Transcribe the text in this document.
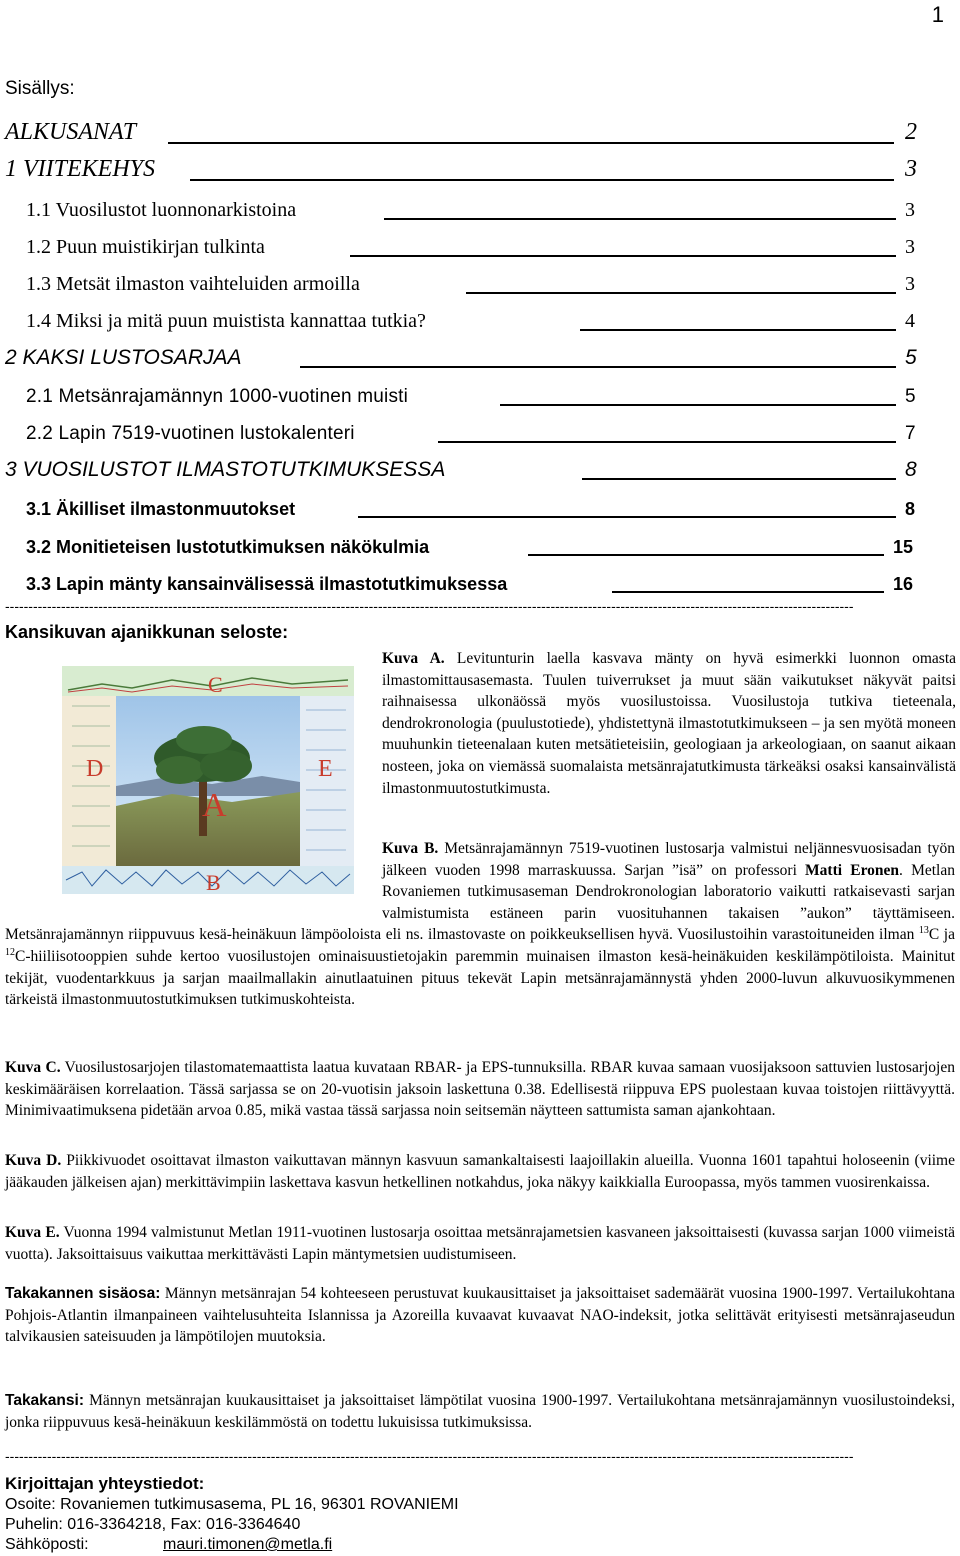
1
Sisällys:
ALKUSANAT	2
1 VIITEKEHYS	3
1.1 Vuosilustot luonnonarkistoina	3
1.2 Puun muistikirjan tulkinta	3
1.3 Metsät ilmaston vaihteluiden armoilla	3
1.4 Miksi ja mitä puun muistista kannattaa tutkia?	4
2 KAKSI LUSTOSARJAA	5
2.1 Metsänrajamännyn 1000-vuotinen muisti	5
2.2 Lapin 7519-vuotinen lustokalenteri	7
3 VUOSILUSTOT ILMASTOTUTKIMUKSESSA	8
3.1 Äkilliset ilmastonmuutokset	8
3.2 Monitieteisen lustotutkimuksen näkökulmia	15
3.3 Lapin mänty kansainvälisessä ilmastotutkimuksessa	16
--------------------------------------------------------------------------------------------------------------------------------------------------------------------------------------
Kansikuvan ajanikkunan seloste:
C
A
D	E
B
Kuva A. Levitunturin laella kasvava mänty on hyvä esimerkki luonnon omasta ilmastomittausasemasta. Tuulen tuiverrukset ja muut sään vaikutukset näkyvät paitsi raihnaisessa ulkonäössä myös vuosilustoissa. Vuosilustoja tutkiva tieteenala, dendrokronologia (puulustotiede), yhdistettynä ilmastotutkimukseen – ja sen myötä moneen muuhunkin tieteenalaan kuten metsätieteisiin, geologiaan ja arkeologiaan, on saanut aikaan nosteen, joka on viemässä suomalaista metsänrajatutkimusta tärkeäksi osaksi kansainvälistä ilmastonmuutostutkimusta.
Kuva B. Metsänrajamännyn 7519-vuotinen lustosarja valmistui neljännesvuosisadan työn jälkeen vuoden 1998 marraskuussa. Sarjan ”isä” on professori Matti Eronen. Metlan Rovaniemen tutkimusaseman Dendrokronologian laboratorio vaikutti ratkaisevasti sarjan valmistumista estäneen parin vuosituhannen takaisen ”aukon” täyttämiseen. Metsänrajamännyn riippuvuus kesä-heinäkuun lämpöoloista eli ns. ilmastovaste on poikkeuksellisen hyvä. Vuosilustoihin varastoituneiden ilman $^{13}$C ja $^{12}$C-hiiliisotooppien suhde kertoo vuosilustojen ominaisuustietojakin paremmin muinaisen ilmaston kesä-heinäkuiden keskilämpötiloista. Mainitut tekijät, vuodentarkkuus ja sarjan maailmallakin ainutlaatuinen pituus tekevät Lapin metsänrajamännystä yhden 2000-luvun alkuvuosikymmenen tärkeistä ilmastonmuutostutkimuksen tutkimuskohteista.
Kuva C. Vuosilustosarjojen tilastomatemaattista laatua kuvataan RBAR- ja EPS-tunnuksilla. RBAR kuvaa samaan vuosijaksoon sattuvien lustosarjojen keskimääräisen korrelaation. Tässä sarjassa se on 20-vuotisin jaksoin laskettuna 0.38. Edellisestä riippuva EPS puolestaan kuvaa toistojen riittävyyttä. Minimivaatimuksena pidetään arvoa 0.85, mikä vastaa tässä sarjassa noin seitsemän näytteen sattumista saman ajankohtaan.
Kuva D. Piikkivuodet osoittavat ilmaston vaikuttavan männyn kasvuun samankaltaisesti laajoillakin alueilla. Vuonna 1601 tapahtui holoseenin (viime jääkauden jälkeisen ajan) merkittävimpiin laskettava kasvun hetkellinen notkahdus, joka näkyy kaikkialla Euroopassa, myös tammen vuosirenkaissa.
Kuva E. Vuonna 1994 valmistunut Metlan 1911-vuotinen lustosarja osoittaa metsänrajametsien kasvaneen jaksoittaisesti (kuvassa sarjan 1000 viimeistä vuotta). Jaksoittaisuus vaikuttaa merkittävästi Lapin mäntymetsien uudistumiseen.
Takakannen sisäosa: Männyn metsänrajan 54 kohteeseen perustuvat kuukausittaiset ja jaksoittaiset sademäärät vuosina 1900-1997. Vertailukohtana Pohjois-Atlantin ilmanpaineen vaihtelusuhteita Islannissa ja Azoreilla kuvaavat kuvaavat NAO-indeksit, jotka selittävät erityisesti metsänrajaseudun talvikausien sateisuuden ja lämpötilojen muutoksia.
Takakansi: Männyn metsänrajan kuukausittaiset ja jaksoittaiset lämpötilat vuosina 1900-1997. Vertailukohtana metsänrajamännyn vuosilustoindeksi, jonka riippuvuus kesä-heinäkuun keskilämmöstä on todettu lukuisissa tutkimuksissa.
--------------------------------------------------------------------------------------------------------------------------------------------------------------------------------------
Kirjoittajan yhteystiedot:
Osoite: Rovaniemen tutkimusasema, PL 16, 96301 ROVANIEMI
Puhelin: 016-3364218, Fax: 016-3364640
Sähköposti:	mauri.timonen@metla.fi
